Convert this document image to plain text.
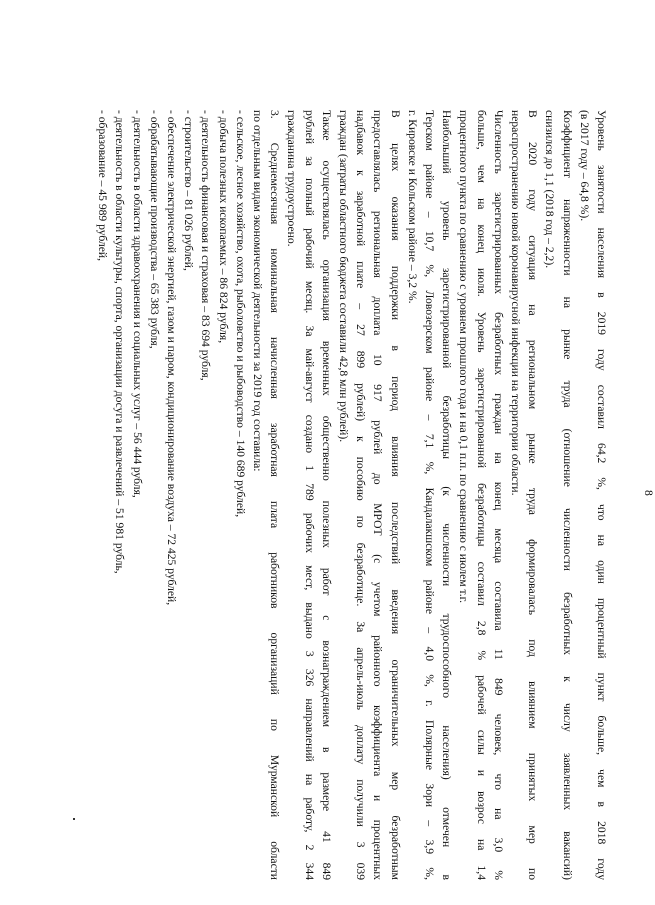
8
Уровень занятости населения в 2019 году составил 64,2 %, что на один процентный пункт больше, чем в 2018 году
(в 2017 году – 64,8 %).
Коэффициент напряженности на рынке труда (отношение численности безработных к числу заявленных вакансий)
снизился до 1,1 (2018 год – 2,2).
В 2020 году ситуация на региональном рынке труда формировалась под влиянием принятых мер по
нераспространению новой коронавирусной инфекции на территории области.
Численность зарегистрированных безработных граждан на конец месяца составила 11 849 человек, что на 3,0 %
больше, чем на конец июля. Уровень зарегистрированной безработицы составил 2,8 % рабочей силы и возрос на 1,4
процентного пункта по сравнению с уровнем прошлого года и на 0,1 п.п. по сравнению с июлем т.г.
Наибольший уровень зарегистрированной безработицы (к численности трудоспособного населения) отмечен в
Терском районе – 10,7 %, Ловозерском районе – 7,1 %, Кандалакшском районе – 4,0 %, г. Полярные Зори – 3,9 %,
г. Кировске и Кольском районе – 3,2 %.
В целях оказания поддержки в период влияния последствий введения ограничительных мер безработным
предоставлялась региональная доплата 10 917 рублей до МРОТ (с учетом районного коэффициента и процентных
надбавок к заработной плате – 27 899 рублей) к пособию по безработице. За апрель-июль доплату получили 3 039
граждан (затраты областного бюджета составили 42,8 млн рублей).
Также осуществлялась организация временных общественно полезных работ с вознаграждением в размере 41 849
рублей за полный рабочий месяц. За май-август создано 1 789 рабочих мест, выдано 3 326 направлений на работу, 2 344
гражданина трудоустроено.
3. Среднемесячная номинальная начисленная заработная плата работников организаций по Мурманской области
по отдельным видам экономической деятельности за 2019 год составила:
- сельское, лесное хозяйство, охота, рыболовство и рыбоводство – 140 689 рублей,
- добыча полезных ископаемых – 86 824 рубля,
- деятельность финансовая и страховая – 83 694 рубля,
- строительство – 81 026 рублей,
- обеспечение электрической энергией, газом и паром, кондиционирование воздуха – 72 425 рублей,
- обрабатывающие производства – 65 383 рубля,
- деятельность в области здравоохранения и социальных услуг – 56 444 рубля,
- деятельность в области культуры, спорта, организации досуга и развлечений – 51 981 рубль,
- образование – 45 989 рублей,
